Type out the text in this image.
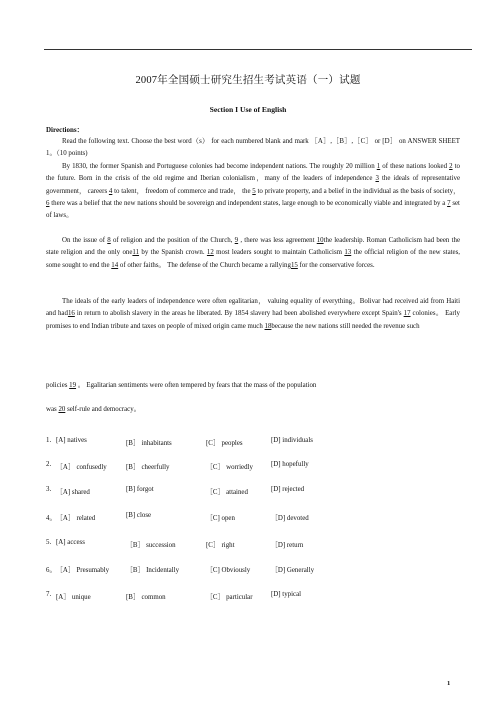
2007年全国硕士研究生招生考试英语（一）试题
Section I Use of English
Directions：
Read the following text. Choose the best word（s） for each numbered blank and mark ［A］,［B］,［C］ or [D］ on ANSWER SHEET 1。（10 points)
By 1830, the former Spanish and Portuguese colonies had become independent nations. The roughly 20 million 1 of these nations looked 2 to the future. Born in the crisis of the old regime and Iberian colonialism，many of the leaders of independence 3 the ideals of representative government， careers 4 to talent， freedom of commerce and trade， the 5 to private property, and a belief in the individual as the basis of society，6 there was a belief that the new nations should be sovereign and independent states, large enough to be economically viable and integrated by a 7 set of laws。
On the issue of 8 of religion and the position of the Church, 9 , there was less agreement 10the leadership. Roman Catholicism had been the state religion and the only one11 by the Spanish crown. 12 most leaders sought to maintain Catholicism 13 the official religion of the new states, some sought to end the 14 of other faiths。 The defense of the Church became a rallying15 for the conservative forces.
The ideals of the early leaders of independence were often egalitarian， valuing equality of everything。Bolivar had received aid from Haiti and had16 in return to abolish slavery in the areas he liberated. By 1854 slavery had been abolished everywhere except Spain's 17 colonies。 Early promises to end Indian tribute and taxes on people of mixed origin came much 18because the new nations still needed the revenue such
policies 19 。 Egalitarian sentiments were often tempered by fears that the mass of the population
was 20 self-rule and democracy。
1. [A] natives	[B］ inhabitants	[C］ peoples	[D] individuals
2. ［A］ confusedly	[B］ cheerfully	［C］ worriedly	[D] hopefully
3. ［A] shared	[B] forgot	［C］ attained	[D] rejected
4。 ［A］ related	[B] close	［C] open	［D] devoted
5. [A] access	［B］ succession	[C］ right	［D] return
6。 ［A］ Presumably ［B］ Incidentally	［C] Obviously	［D] Generally
7. [A］ unique	[B］ common	［C］ particular	[D] typical
1
